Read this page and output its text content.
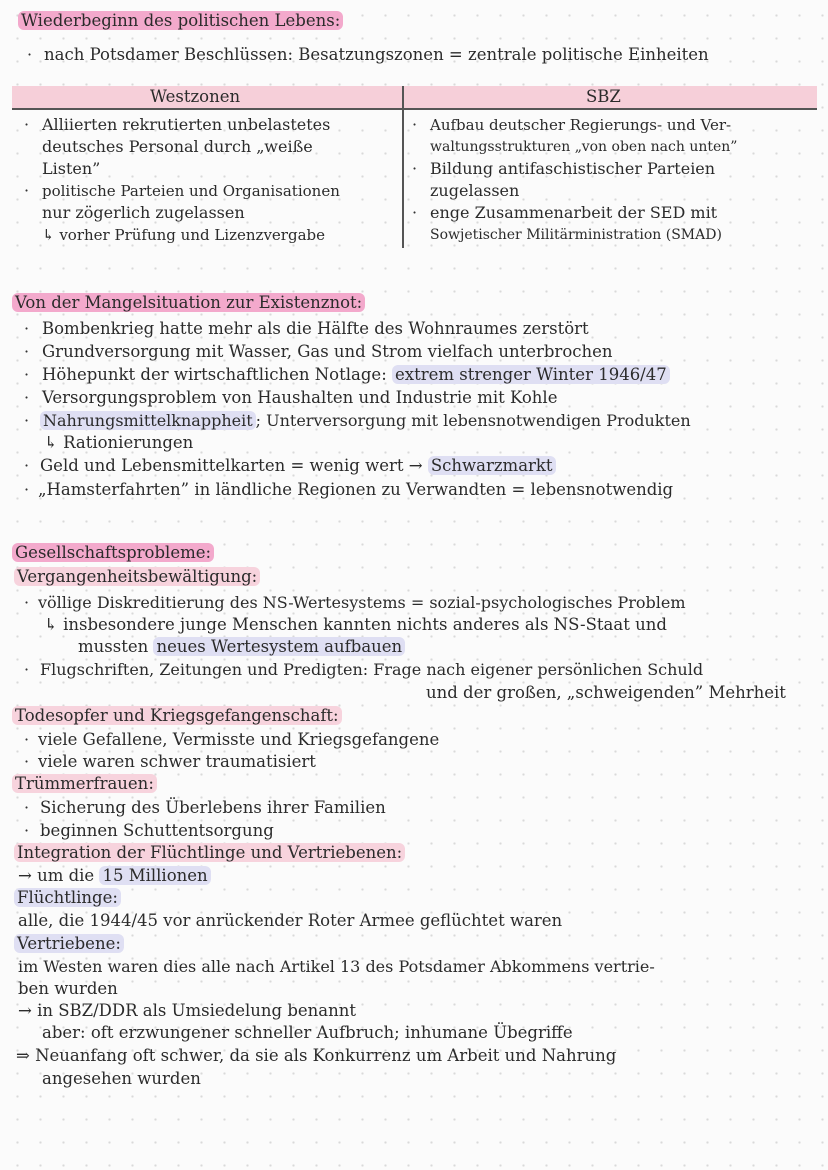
Wiederbeginn des politischen Lebens:
· nach Potsdamer Beschlüssen: Besatzungszonen = zentrale politische Einheiten
Westzonen	SBZ
· Alliierten rekrutierten unbelastetes
deutsches Personal durch „weiße
Listen”
· politische Parteien und Organisationen
nur zögerlich zugelassen
↳ vorher Prüfung und Lizenzvergabe
· Aufbau deutscher Regierungs- und Ver-
waltungsstrukturen „von oben nach unten”
· Bildung antifaschistischer Parteien
zugelassen
· enge Zusammenarbeit der SED mit
Sowjetischer Militärministration (SMAD)
Von der Mangelsituation zur Existenznot:
· Bombenkrieg hatte mehr als die Hälfte des Wohnraumes zerstört
· Grundversorgung mit Wasser, Gas und Strom vielfach unterbrochen
· Höhepunkt der wirtschaftlichen Notlage: extrem strenger Winter 1946/47
· Versorgungsproblem von Haushalten und Industrie mit Kohle
· Nahrungsmittelknappheit ; Unterversorgung mit lebensnotwendigen Produkten
↳ Rationierungen
· Geld und Lebensmittelkarten = wenig wert → Schwarzmarkt
· „Hamsterfahrten” in ländliche Regionen zu Verwandten = lebensnotwendig
Gesellschaftsprobleme:
Vergangenheitsbewältigung:
· völlige Diskreditierung des NS-Wertesystems = sozial-psychologisches Problem
↳ insbesondere junge Menschen kannten nichts anderes als NS-Staat und
mussten neues Wertesystem aufbauen
· Flugschriften, Zeitungen und Predigten: Frage nach eigener persönlichen Schuld
und der großen, „schweigenden” Mehrheit
Todesopfer und Kriegsgefangenschaft:
· viele Gefallene, Vermisste und Kriegsgefangene
· viele waren schwer traumatisiert
Trümmerfrauen:
· Sicherung des Überlebens ihrer Familien
· beginnen Schuttentsorgung
Integration der Flüchtlinge und Vertriebenen:
→ um die 15 Millionen
Flüchtlinge:
alle, die 1944/45 vor anrückender Roter Armee geflüchtet waren
Vertriebene:
im Westen waren dies alle nach Artikel 13 des Potsdamer Abkommens vertrie-
ben wurden
→ in SBZ/DDR als Umsiedelung benannt
aber: oft erzwungener schneller Aufbruch; inhumane Übegriffe
⇒ Neuanfang oft schwer, da sie als Konkurrenz um Arbeit und Nahrung
angesehen wurden
